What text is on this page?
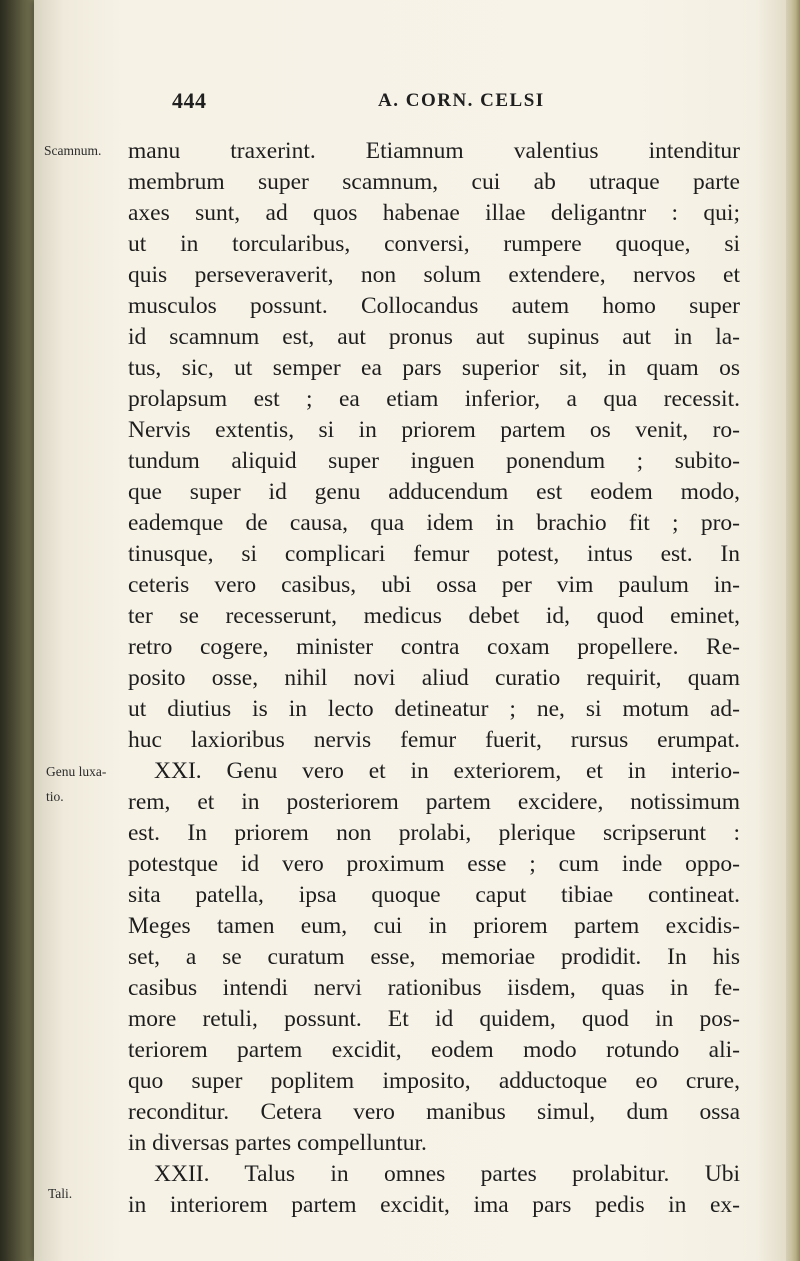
444	A. CORN. CELSI
Scamnum.
Genu luxa-
tio.
Tali.
manu traxerint. Etiamnum valentius intenditur
membrum super scamnum, cui ab utraque parte
axes sunt, ad quos habenae illae deligantnr : qui;
ut in torcularibus, conversi, rumpere quoque, si
quis perseveraverit, non solum extendere, nervos et
musculos possunt. Collocandus autem homo super
id scamnum est, aut pronus aut supinus aut in la-
tus, sic, ut semper ea pars superior sit, in quam os
prolapsum est ; ea etiam inferior, a qua recessit.
Nervis extentis, si in priorem partem os venit, ro-
tundum aliquid super inguen ponendum ; subito-
que super id genu adducendum est eodem modo,
eademque de causa, qua idem in brachio fit ; pro-
tinusque, si complicari femur potest, intus est. In
ceteris vero casibus, ubi ossa per vim paulum in-
ter se recesserunt, medicus debet id, quod eminet,
retro cogere, minister contra coxam propellere. Re-
posito osse, nihil novi aliud curatio requirit, quam
ut diutius is in lecto detineatur ; ne, si motum ad-
huc laxioribus nervis femur fuerit, rursus erumpat.
XXI. Genu vero et in exteriorem, et in interio-
rem, et in posteriorem partem excidere, notissimum
est. In priorem non prolabi, plerique scripserunt :
potestque id vero proximum esse ; cum inde oppo-
sita patella, ipsa quoque caput tibiae contineat.
Meges tamen eum, cui in priorem partem excidis-
set, a se curatum esse, memoriae prodidit. In his
casibus intendi nervi rationibus iisdem, quas in fe-
more retuli, possunt. Et id quidem, quod in pos-
teriorem partem excidit, eodem modo rotundo ali-
quo super poplitem imposito, adductoque eo crure,
reconditur. Cetera vero manibus simul, dum ossa
in diversas partes compelluntur.
XXII. Talus in omnes partes prolabitur. Ubi
in interiorem partem excidit, ima pars pedis in ex-
